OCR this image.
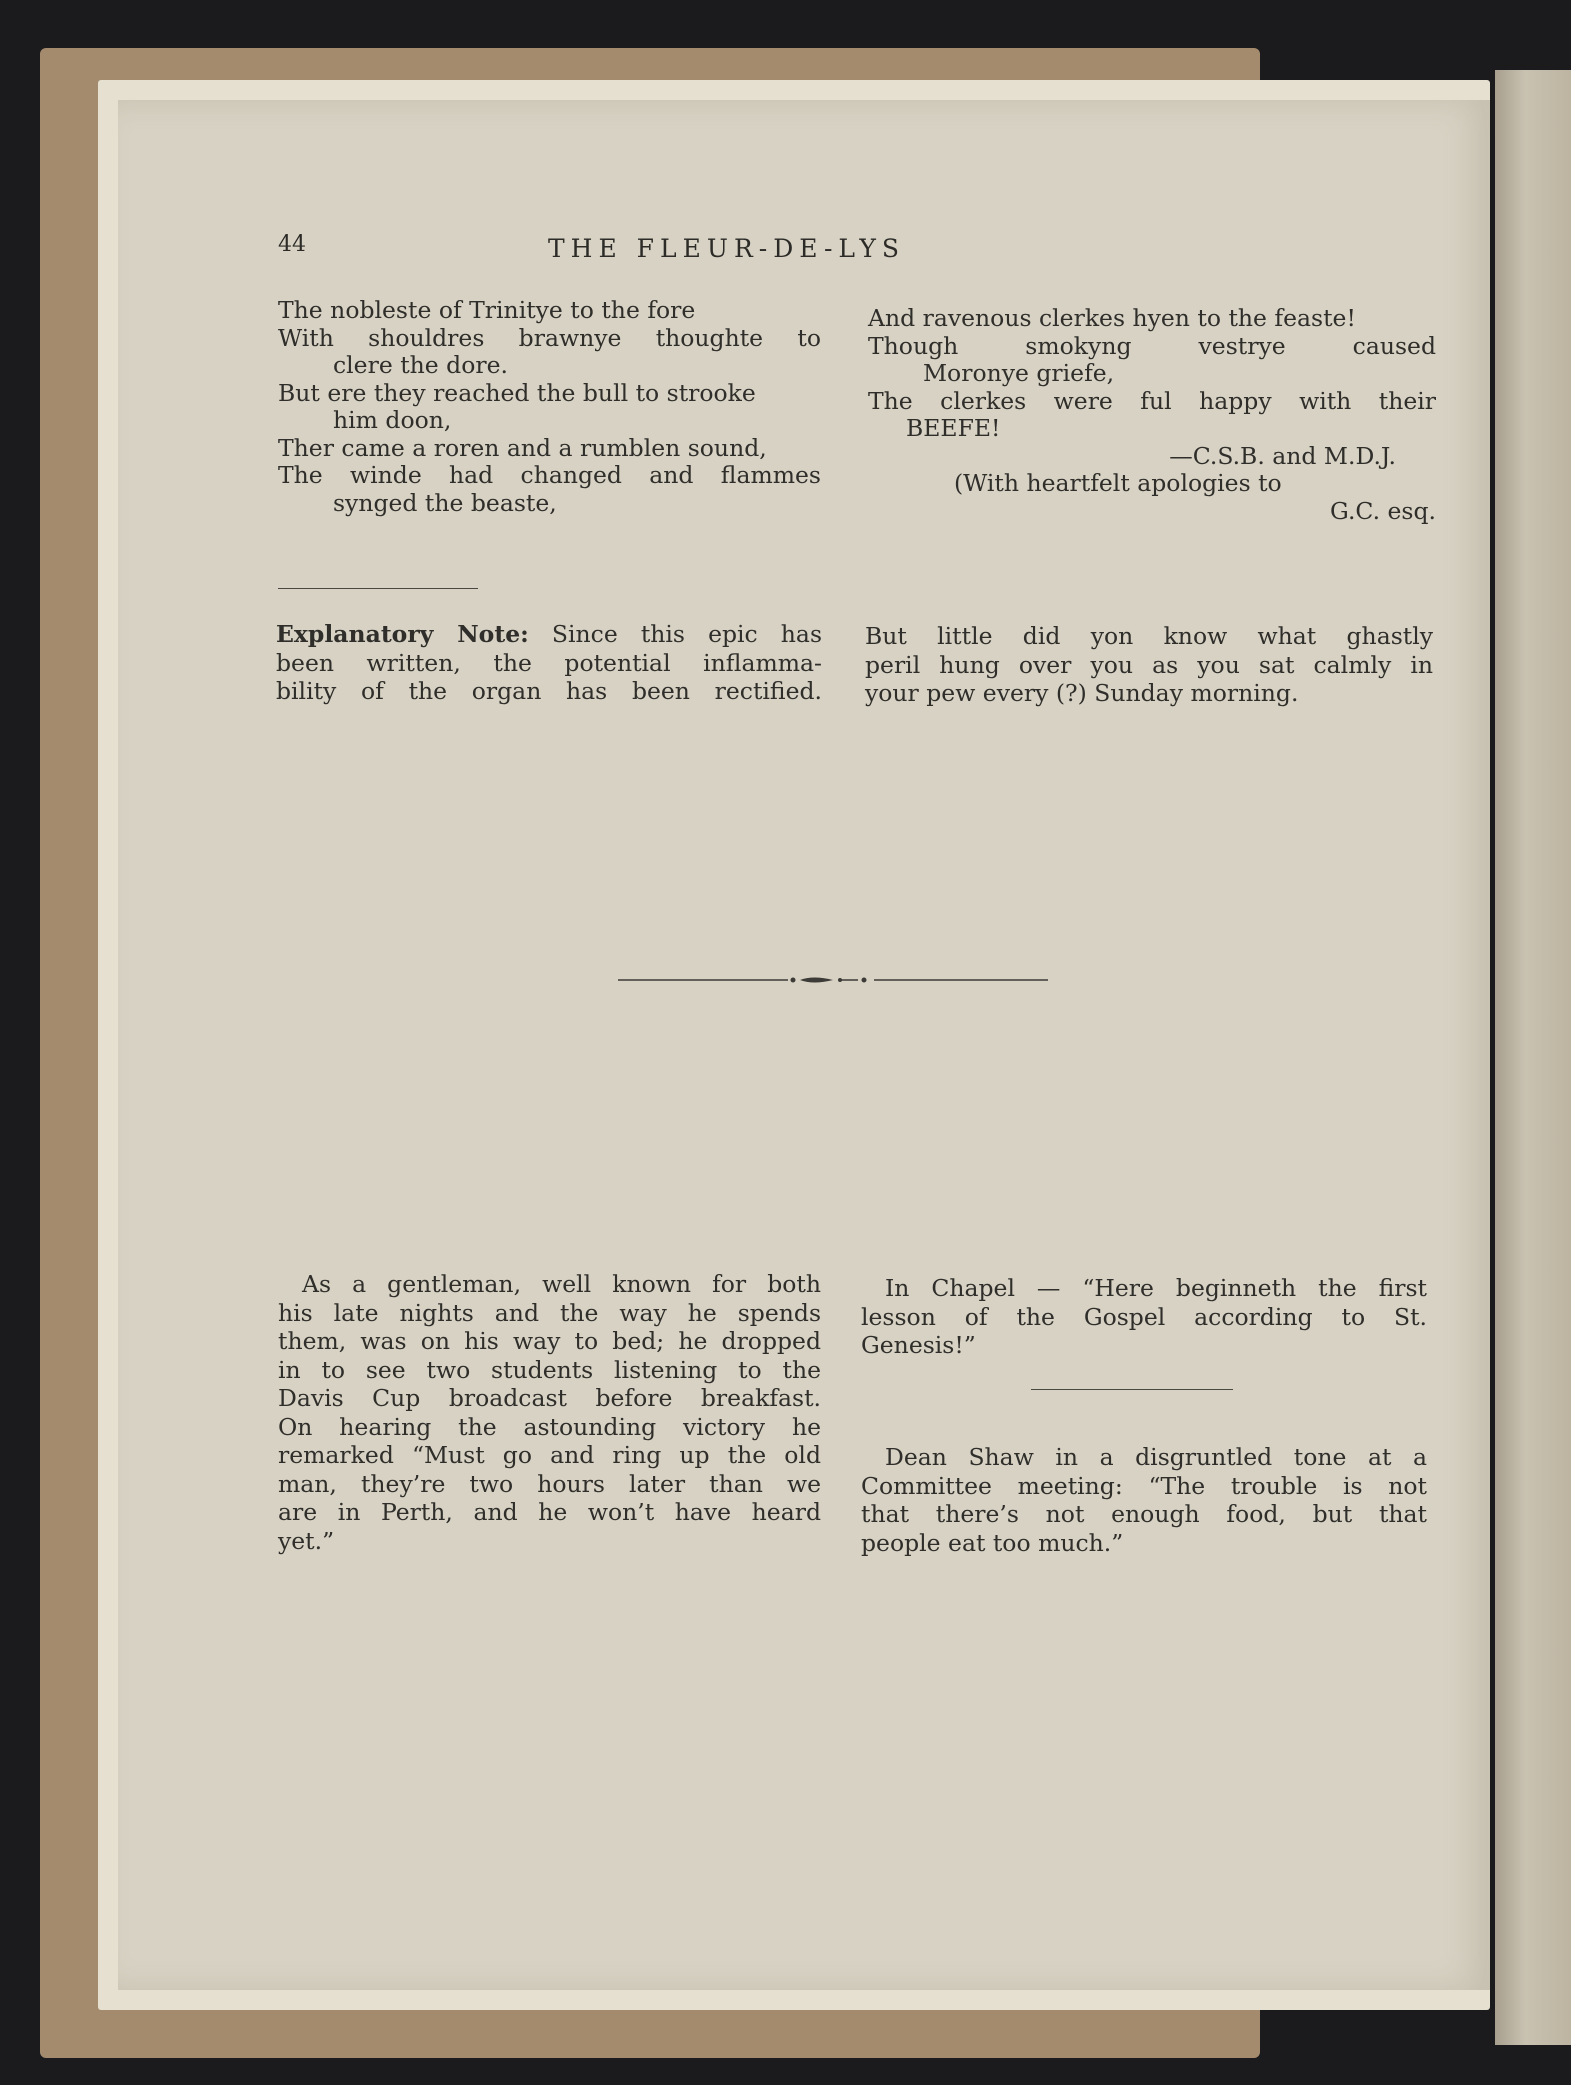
44	THE FLEUR-DE-LYS
The nobleste of Trinitye to the fore
With shouldres brawnye thoughte to
clere the dore.
But ere they reached the bull to strooke
him doon,
Ther came a roren and a rumblen sound,
The winde had changed and flammes
synged the beaste,
And ravenous clerkes hyen to the feaste!
Though smokyng vestrye caused
Moronye griefe,
The clerkes were ful happy with their
BEEFE!
—C.S.B. and M.D.J.
(With heartfelt apologies to
G.C. esq.
Explanatory Note: Since this epic has
been written, the potential inflamma-
bility of the organ has been rectified.
But little did yon know what ghastly
peril hung over you as you sat calmly in
your pew every (?) Sunday morning.
As a gentleman, well known for both
his late nights and the way he spends
them, was on his way to bed; he dropped
in to see two students listening to the
Davis Cup broadcast before breakfast.
On hearing the astounding victory he
remarked “Must go and ring up the old
man, they’re two hours later than we
are in Perth, and he won’t have heard
yet.”
In Chapel — “Here beginneth the first
lesson of the Gospel according to St.
Genesis!”
Dean Shaw in a disgruntled tone at a
Committee meeting: “The trouble is not
that there’s not enough food, but that
people eat too much.”
